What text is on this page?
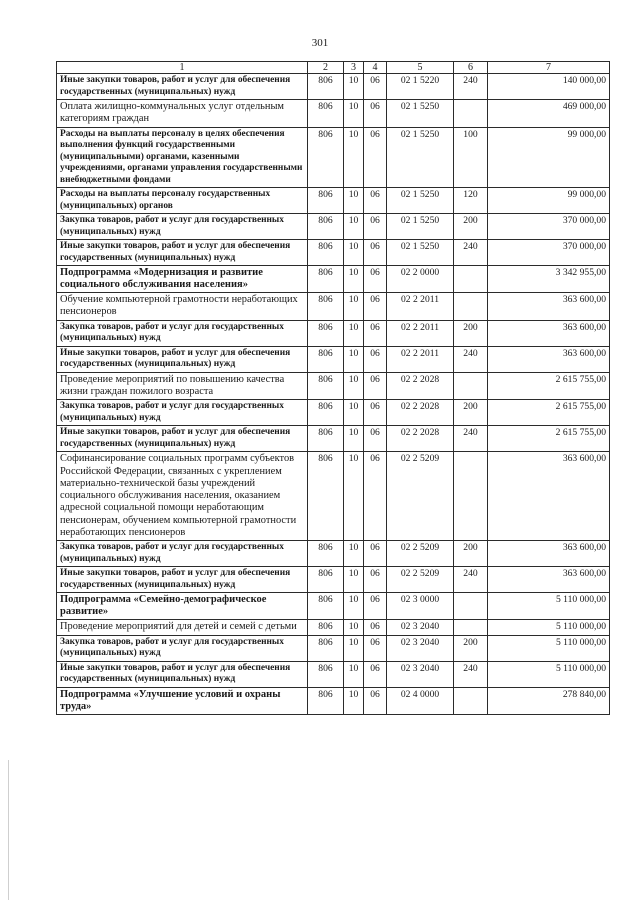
301
1	2	3	4	5	6	7
Иные закупки товаров, работ и услуг для обеспечения государственных (муниципальных) нужд	806	10	06	02 1 5220	240	140 000,00
Оплата жилищно-коммунальных услуг отдельным категориям граждан	806	10	06	02 1 5250		469 000,00
Расходы на выплаты персоналу в целях обеспечения выполнения функций государственными (муниципальными) органами, казенными учреждениями, органами управления государственными внебюджетными фондами	806	10	06	02 1 5250	100	99 000,00
Расходы на выплаты персоналу государственных (муниципальных) органов	806	10	06	02 1 5250	120	99 000,00
Закупка товаров, работ и услуг для государственных (муниципальных) нужд	806	10	06	02 1 5250	200	370 000,00
Иные закупки товаров, работ и услуг для обеспечения государственных (муниципальных) нужд	806	10	06	02 1 5250	240	370 000,00
Подпрограмма «Модернизация и развитие социального обслуживания населения»	806	10	06	02 2 0000		3 342 955,00
Обучение компьютерной грамотности неработающих пенсионеров	806	10	06	02 2 2011		363 600,00
Закупка товаров, работ и услуг для государственных (муниципальных) нужд	806	10	06	02 2 2011	200	363 600,00
Иные закупки товаров, работ и услуг для обеспечения государственных (муниципальных) нужд	806	10	06	02 2 2011	240	363 600,00
Проведение мероприятий по повышению качества жизни граждан пожилого возраста	806	10	06	02 2 2028		2 615 755,00
Закупка товаров, работ и услуг для государственных (муниципальных) нужд	806	10	06	02 2 2028	200	2 615 755,00
Иные закупки товаров, работ и услуг для обеспечения государственных (муниципальных) нужд	806	10	06	02 2 2028	240	2 615 755,00
Софинансирование социальных программ субъектов Российской Федерации, связанных с укреплением материально-технической базы учреждений социального обслуживания населения, оказанием адресной социальной помощи неработающим пенсионерам, обучением компьютерной грамотности неработающих пенсионеров	806	10	06	02 2 5209		363 600,00
Закупка товаров, работ и услуг для государственных (муниципальных) нужд	806	10	06	02 2 5209	200	363 600,00
Иные закупки товаров, работ и услуг для обеспечения государственных (муниципальных) нужд	806	10	06	02 2 5209	240	363 600,00
Подпрограмма «Семейно-демографическое развитие»	806	10	06	02 3 0000		5 110 000,00
Проведение мероприятий для детей и семей с детьми	806	10	06	02 3 2040		5 110 000,00
Закупка товаров, работ и услуг для государственных (муниципальных) нужд	806	10	06	02 3 2040	200	5 110 000,00
Иные закупки товаров, работ и услуг для обеспечения государственных (муниципальных) нужд	806	10	06	02 3 2040	240	5 110 000,00
Подпрограмма «Улучшение условий и охраны труда»	806	10	06	02 4 0000		278 840,00
